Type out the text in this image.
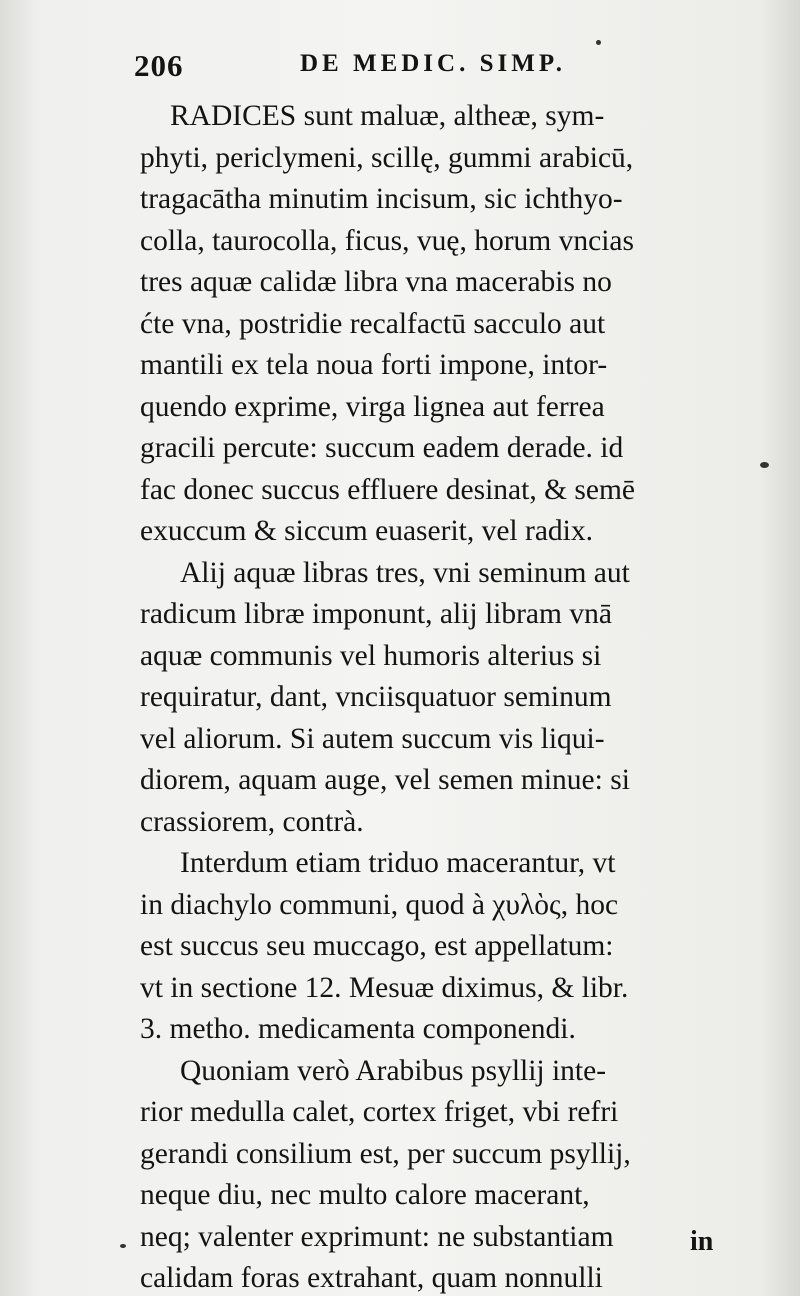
206	DE MEDIC. SIMP.
RADICES sunt maluæ, altheæ, sym-
phyti, periclymeni, scillę, gummi arabicū,
tragacātha minutim incisum, sic ichthyo-
colla, taurocolla, ficus, vuę, horum vncias
tres aquæ calidæ libra vna macerabis no
ćte vna, postridie recalfactū sacculo aut
mantili ex tela noua forti impone, intor-
quendo exprime, virga lignea aut ferrea
gracili percute: succum eadem derade. id
fac donec succus effluere desinat, & semē
exuccum & siccum euaserit, vel radix.
Alij aquæ libras tres, vni seminum aut
radicum libræ imponunt, alij libram vnā
aquæ communis vel humoris alterius si
requiratur, dant, vnciisquatuor seminum
vel aliorum. Si autem succum vis liqui-
diorem, aquam auge, vel semen minue: si
crassiorem, contrà.
Interdum etiam triduo macerantur, vt
in diachylo communi, quod à χυλὸς, hoc
est succus seu muccago, est appellatum:
vt in sectione 12. Mesuæ diximus, & libr.
3. metho. medicamenta componendi.
Quoniam verò Arabibus psyllij inte-
rior medulla calet, cortex friget, vbi refri
gerandi consilium est, per succum psyllij,
neque diu, nec multo calore macerant,
neq; valenter exprimunt: ne substantiam
calidam foras extrahant, quam nonnulli
in
